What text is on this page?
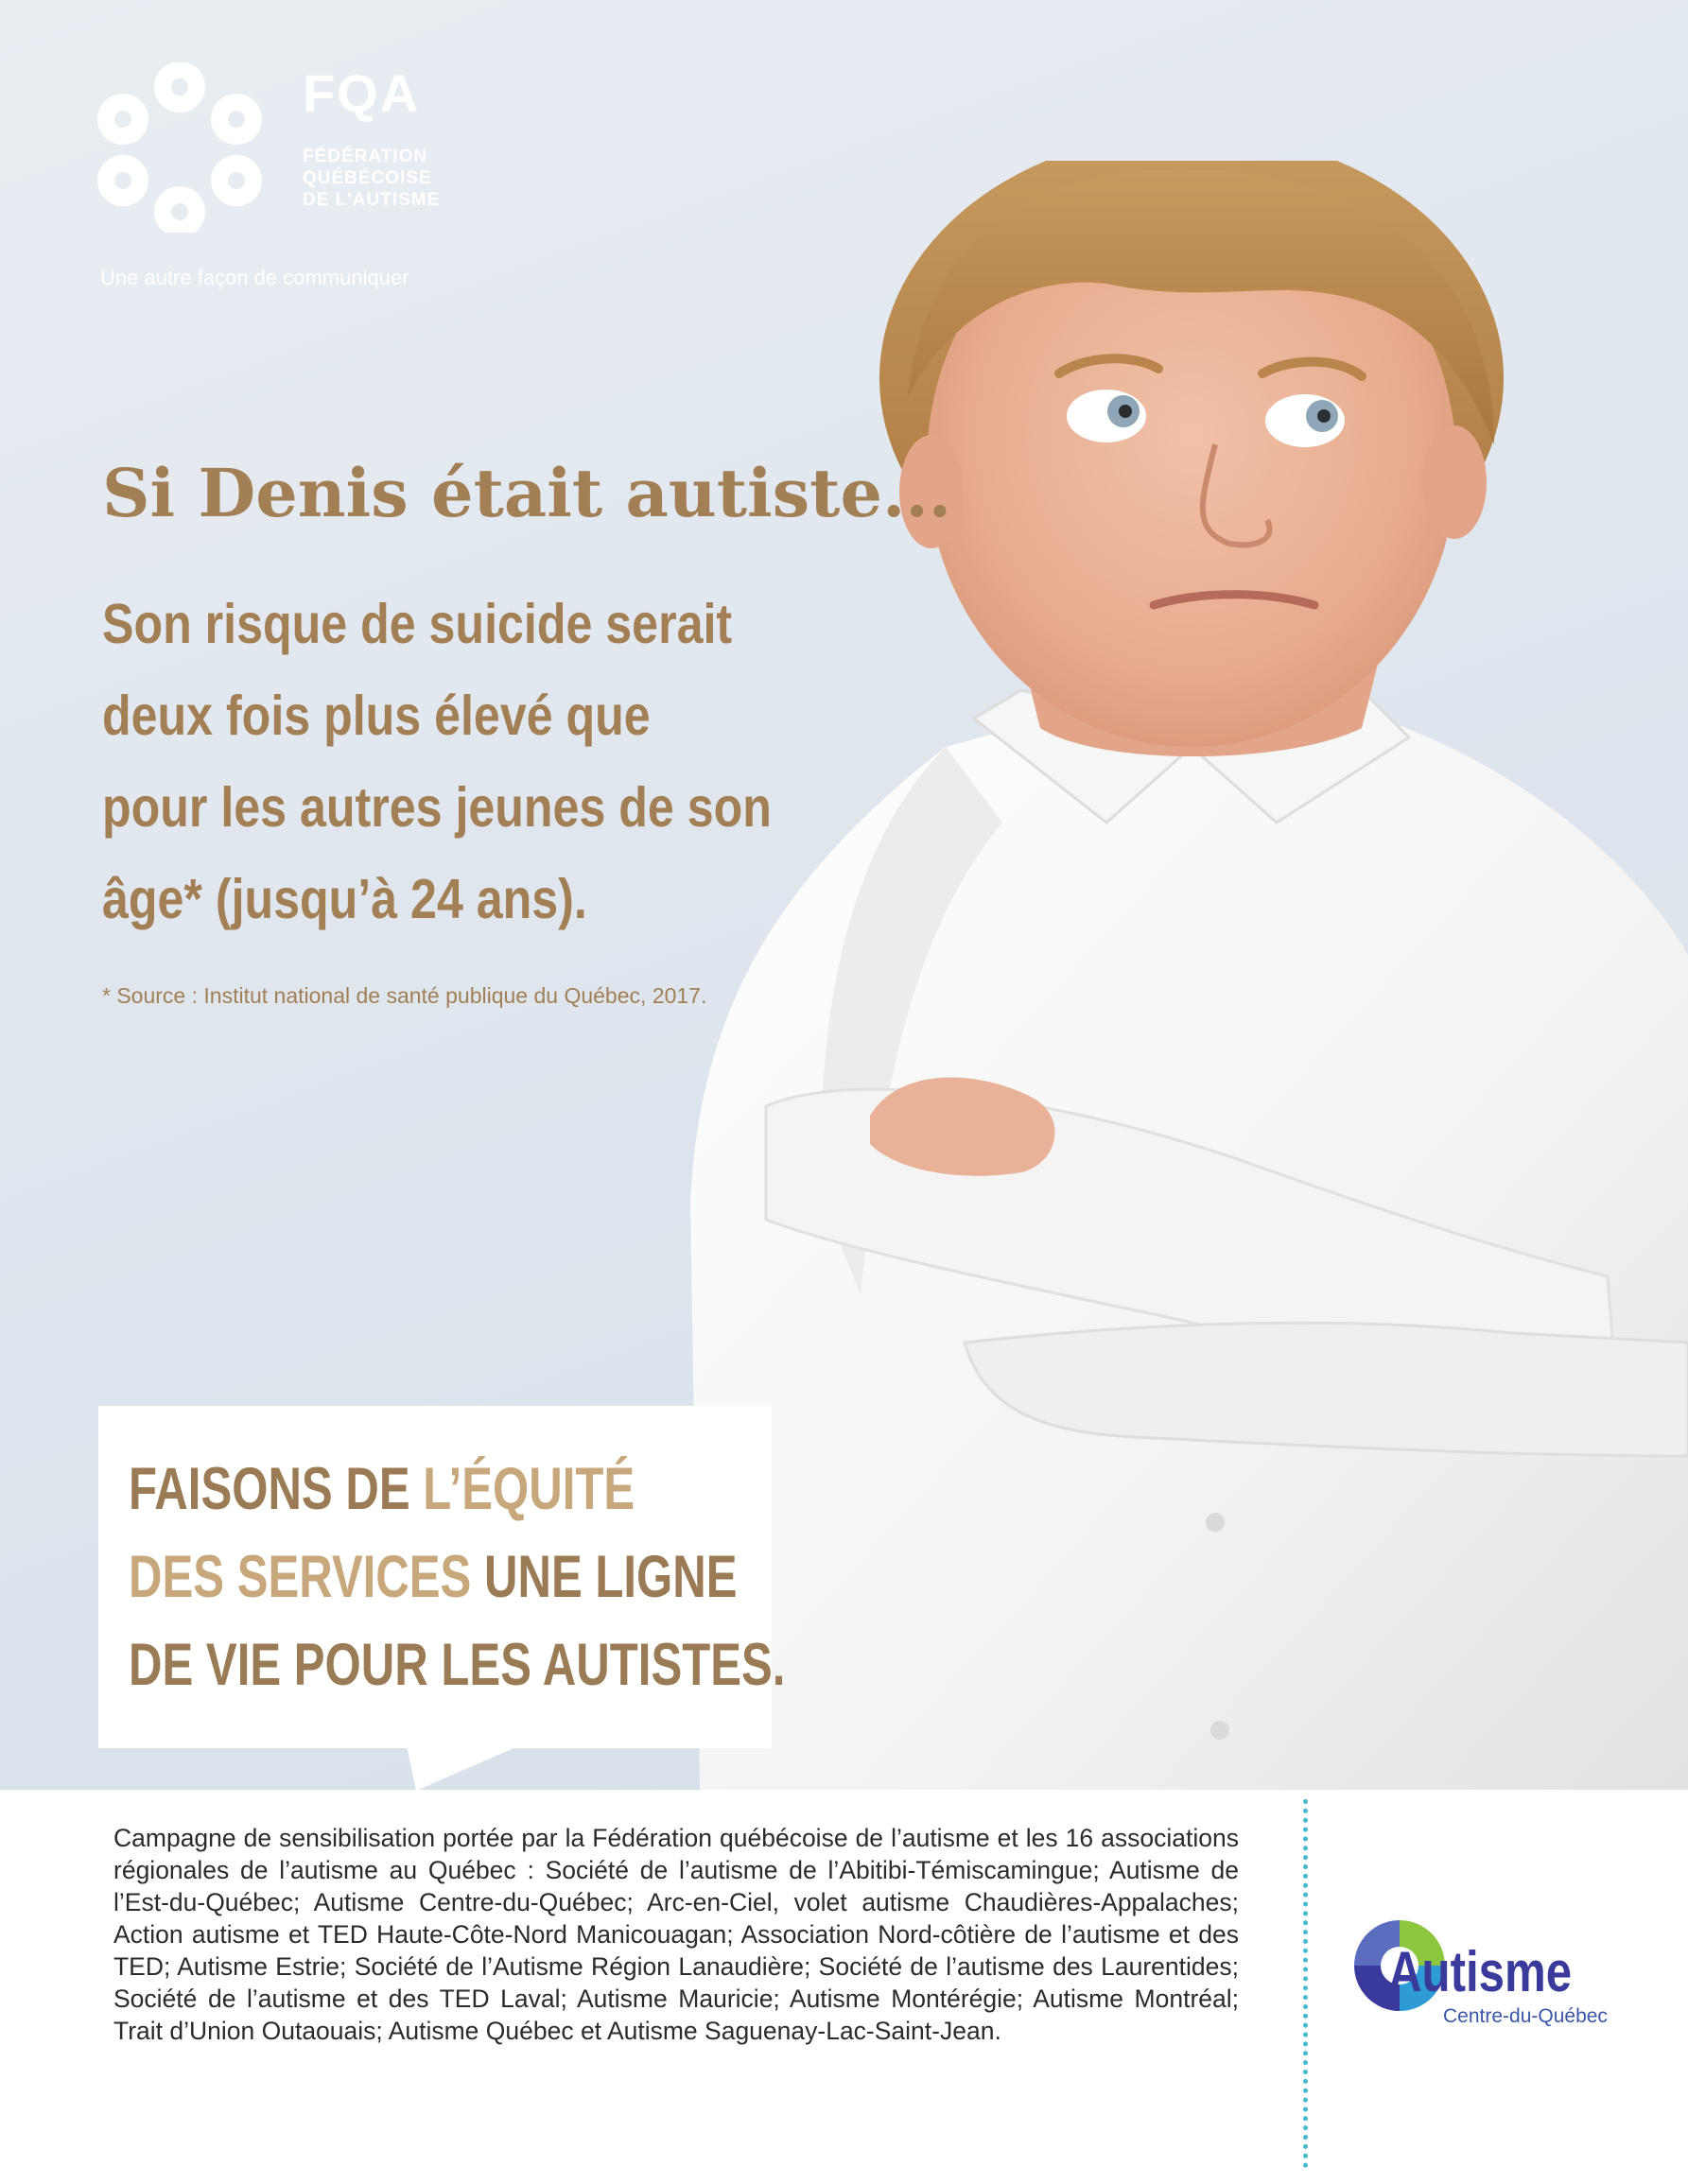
FQA
FÉDÉRATION
QUÉBÉCOISE
DE L'AUTISME
Une autre façon de communiquer
Si Denis était autiste...
Son risque de suicide serait
deux fois plus élevé que
pour les autres jeunes de son
âge* (jusqu’à 24 ans).
* Source : Institut national de santé publique du Québec, 2017.
FAISONS DE L’ÉQUITÉ
DES SERVICES UNE LIGNE
DE VIE POUR LES AUTISTES.
Campagne de sensibilisation portée par la Fédération québécoise de l’autisme et les 16 associations régionales de l’autisme au Québec : Société de l’autisme de l’Abitibi-Témiscamingue; Autisme de l’Est-du-Québec; Autisme Centre-du-Québec; Arc-en-Ciel, volet autisme Chaudières-Appalaches; Action autisme et TED Haute-Côte-Nord Manicouagan; Association Nord-côtière de l’autisme et des TED; Autisme Estrie; Société de l’Autisme Région Lanaudière; Société de l’autisme des Laurentides; Société de l’autisme et des TED Laval; Autisme Mauricie; Autisme Montérégie; Autisme Montréal; Trait d’Union Outaouais; Autisme Québec et Autisme Saguenay-Lac-Saint-Jean.
Autisme
Centre-du-Québec
